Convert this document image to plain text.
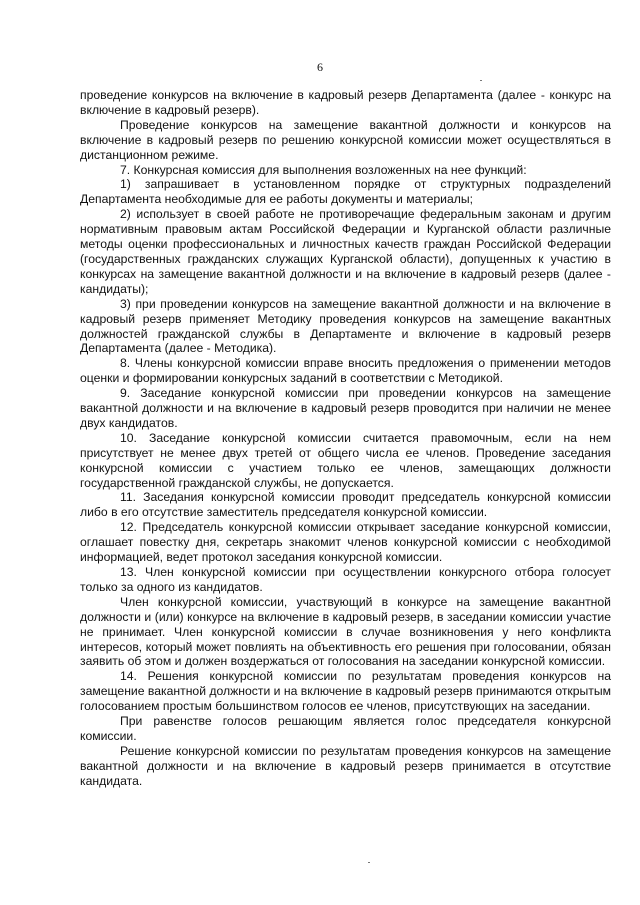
6

проведение конкурсов на включение в кадровый резерв Департамента (далее - конкурс на включение в кадровый резерв).

Проведение конкурсов на замещение вакантной должности и конкурсов на включение в кадровый резерв по решению конкурсной комиссии может осуществляться в дистанционном режиме.

7. Конкурсная комиссия для выполнения возложенных на нее функций:

1) запрашивает в установленном порядке от структурных подразделений Департамента необходимые для ее работы документы и материалы;

2) использует в своей работе не противоречащие федеральным законам и другим нормативным правовым актам Российской Федерации и Курганской области различные методы оценки профессиональных и личностных качеств граждан Российской Федерации (государственных гражданских служащих Курганской области), допущенных к участию в конкурсах на замещение вакантной должности и на включение в кадровый резерв (далее - кандидаты);

3) при проведении конкурсов на замещение вакантной должности и на включение в кадровый резерв применяет Методику проведения конкурсов на замещение вакантных должностей гражданской службы в Департаменте и включение в кадровый резерв Департамента (далее - Методика).

8. Члены конкурсной комиссии вправе вносить предложения о применении методов оценки и формировании конкурсных заданий в соответствии с Методикой.

9. Заседание конкурсной комиссии при проведении конкурсов на замещение вакантной должности и на включение в кадровый резерв проводится при наличии не менее двух кандидатов.

10. Заседание конкурсной комиссии считается правомочным, если на нем присутствует не менее двух третей от общего числа ее членов. Проведение заседания конкурсной комиссии с участием только ее членов, замещающих должности государственной гражданской службы, не допускается.

11. Заседания конкурсной комиссии проводит председатель конкурсной комиссии либо в его отсутствие заместитель председателя конкурсной комиссии.

12. Председатель конкурсной комиссии открывает заседание конкурсной комиссии, оглашает повестку дня, секретарь знакомит членов конкурсной комиссии с необходимой информацией, ведет протокол заседания конкурсной комиссии.

13. Член конкурсной комиссии при осуществлении конкурсного отбора голосует только за одного из кандидатов.

Член конкурсной комиссии, участвующий в конкурсе на замещение вакантной должности и (или) конкурсе на включение в кадровый резерв, в заседании комиссии участие не принимает. Член конкурсной комиссии в случае возникновения у него конфликта интересов, который может повлиять на объективность его решения при голосовании, обязан заявить об этом и должен воздержаться от голосования на заседании конкурсной комиссии.

14. Решения конкурсной комиссии по результатам проведения конкурсов на замещение вакантной должности и на включение в кадровый резерв принимаются открытым голосованием простым большинством голосов ее членов, присутствующих на заседании.

При равенстве голосов решающим является голос председателя конкурсной комиссии.

Решение конкурсной комиссии по результатам проведения конкурсов на замещение вакантной должности и на включение в кадровый резерв принимается в отсутствие кандидата.
